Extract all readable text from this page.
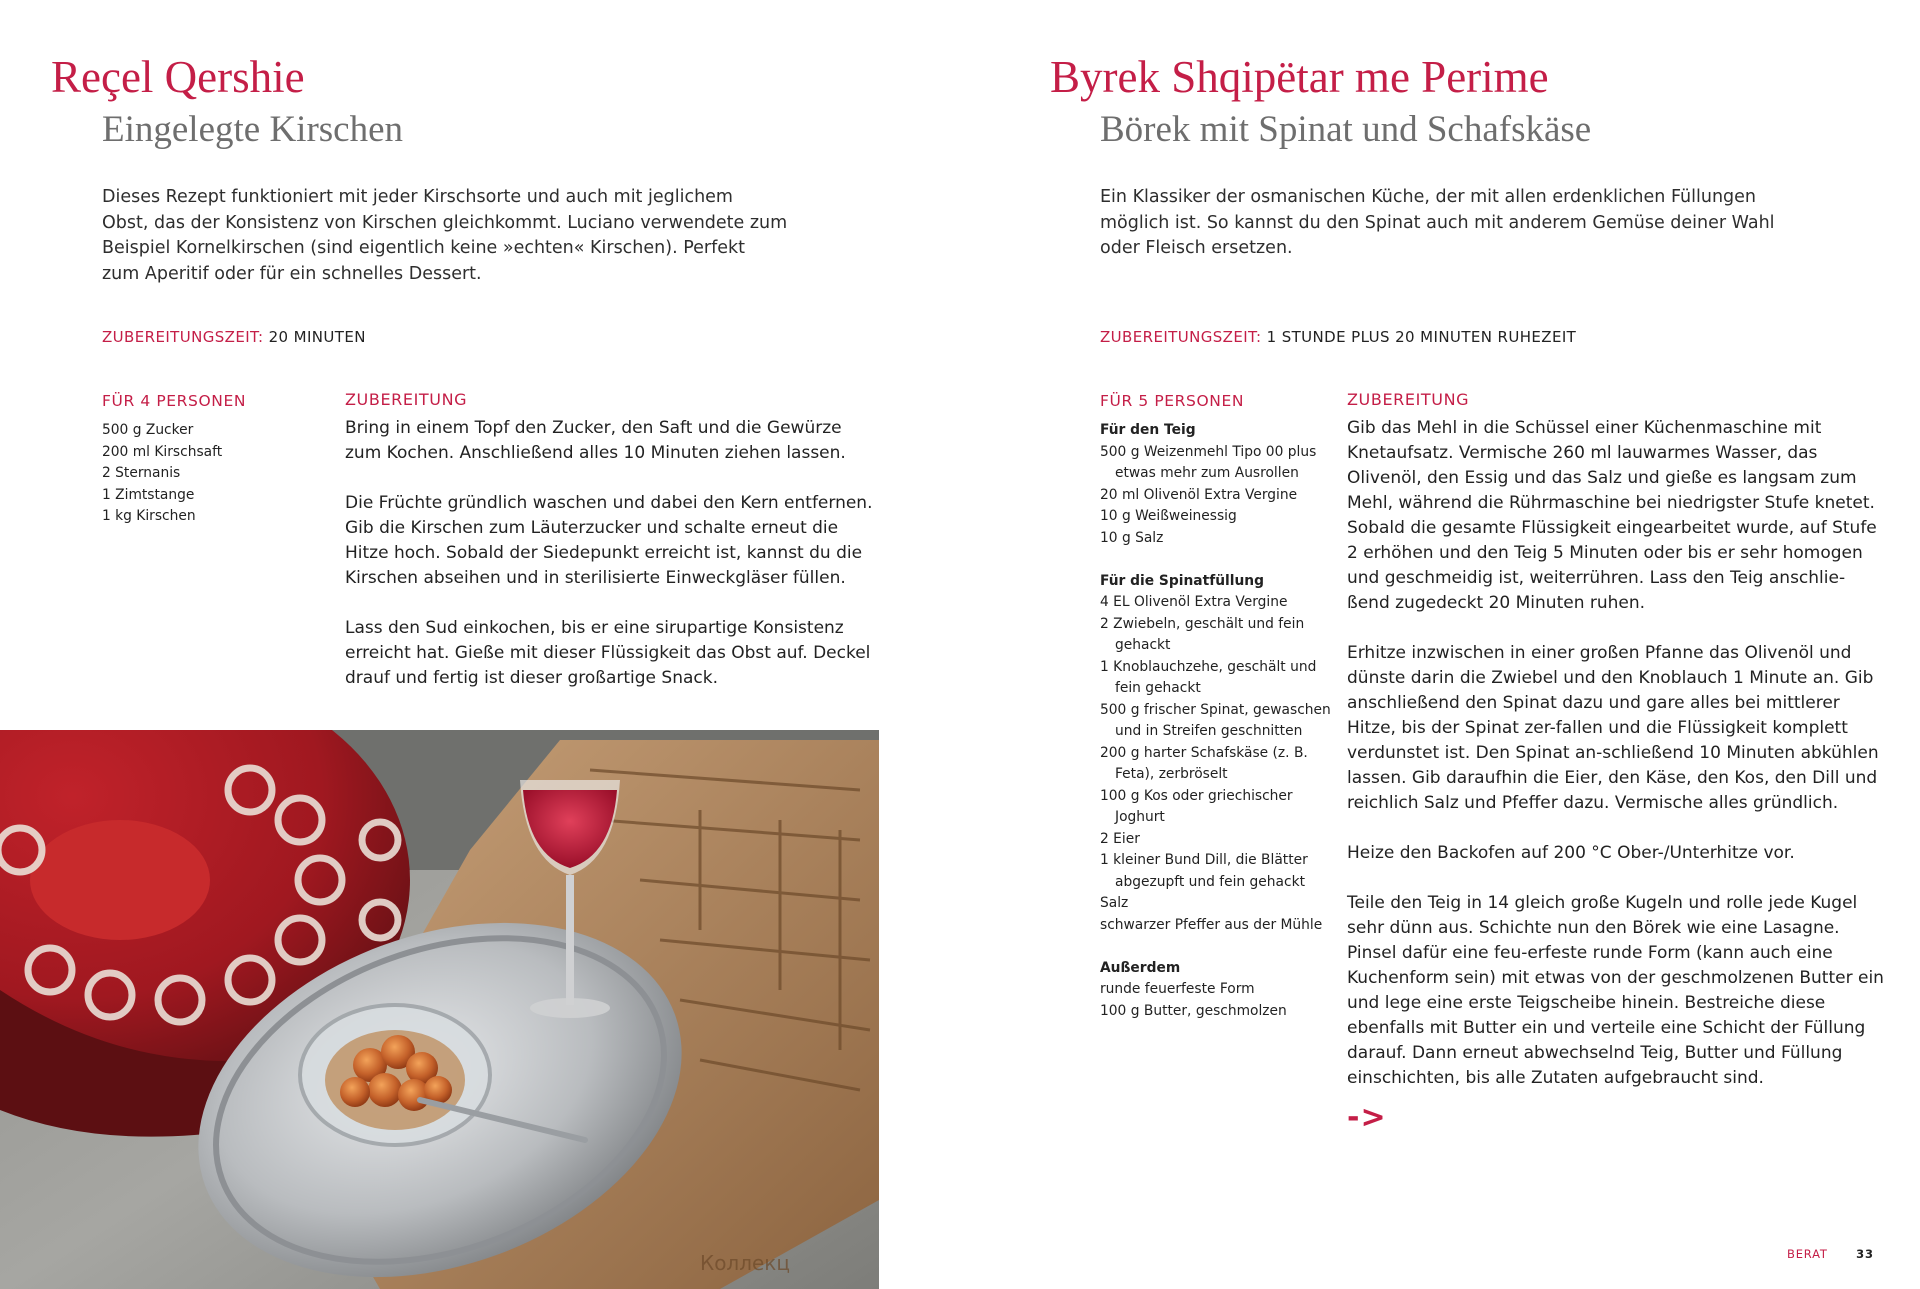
Reçel Qershie
Eingelegte Kirschen

Dieses Rezept funktioniert mit jeder Kirschsorte und auch mit jeglichem

Obst, das der Konsistenz von Kirschen gleichkommt. Luciano verwendete zum

Beispiel Kornelkirschen (sind eigentlich keine »echten« Kirschen). Perfekt

zum Aperitif oder für ein schnelles Dessert.

ZUBEREITUNGSZEIT: 20 MINUTEN
FÜR 4 PERSONEN
500 g Zucker
200 ml Kirschsaft
2 Sternanis
1 Zimtstange
1 kg Kirschen
ZUBEREITUNG

Bring in einem Topf den Zucker, den Saft und die Gewürze zum Kochen. Anschließend alles 10 Minuten ziehen lassen.

Die Früchte gründlich waschen und dabei den Kern entfernen. Gib die Kirschen zum Läuterzucker und schalte erneut die Hitze hoch. Sobald der Siedepunkt erreicht ist, kannst du die Kirschen abseihen und in sterilisierte Einweckgläser füllen.

Lass den Sud einkochen, bis er eine sirupartige Konsistenz erreicht hat. Gieße mit dieser Flüssigkeit das Obst auf. Deckel drauf und fertig ist dieser großartige Snack.

Коллекц
Byrek Shqipëtar me Perime
Börek mit Spinat und Schafskäse

Ein Klassiker der osmanischen Küche, der mit allen erdenklichen Füllungen

möglich ist. So kannst du den Spinat auch mit anderem Gemüse deiner Wahl

oder Fleisch ersetzen.

ZUBEREITUNGSZEIT: 1 STUNDE PLUS 20 MINUTEN RUHEZEIT
FÜR 5 PERSONEN
Für den Teig
500 g Weizenmehl Tipo 00 plus
etwas mehr zum Ausrollen
20 ml Olivenöl Extra Vergine
10 g Weißweinessig
10 g Salz
Für die Spinatfüllung
4 EL Olivenöl Extra Vergine
2 Zwiebeln, geschält und fein
gehackt
1 Knoblauchzehe, geschält und
fein gehackt
500 g frischer Spinat, gewaschen
und in Streifen geschnitten
200 g harter Schafskäse (z. B.
Feta), zerbröselt
100 g Kos oder griechischer
Joghurt
2 Eier
1 kleiner Bund Dill, die Blätter
abgezupft und fein gehackt
Salz
schwarzer Pfeffer aus der Mühle
Außerdem
runde feuerfeste Form
100 g Butter, geschmolzen
ZUBEREITUNG

Gib das Mehl in die Schüssel einer Küchenmaschine mit Knetaufsatz. Vermische 260 ml lauwarmes Wasser, das Olivenöl, den Essig und das Salz und gieße es langsam zum Mehl, während die Rührmaschine bei niedrigster Stufe knetet. Sobald die gesamte Flüssigkeit eingearbeitet wurde, auf Stufe 2 erhöhen und den Teig 5 Minuten oder bis er sehr homogen und geschmeidig ist, weiterrühren. Lass den Teig anschlie-ßend zugedeckt 20 Minuten ruhen.

Erhitze inzwischen in einer großen Pfanne das Olivenöl und dünste darin die Zwiebel und den Knoblauch 1 Minute an. Gib anschließend den Spinat dazu und gare alles bei mittlerer Hitze, bis der Spinat zer-fallen und die Flüssigkeit komplett verdunstet ist. Den Spinat an-schließend 10 Minuten abkühlen lassen. Gib daraufhin die Eier, den Käse, den Kos, den Dill und reichlich Salz und Pfeffer dazu. Vermische alles gründlich.

Heize den Backofen auf 200 °C Ober-/Unterhitze vor.

Teile den Teig in 14 gleich große Kugeln und rolle jede Kugel sehr dünn aus. Schichte nun den Börek wie eine Lasagne. Pinsel dafür eine feu-erfeste runde Form (kann auch eine Kuchenform sein) mit etwas von der geschmolzenen Butter ein und lege eine erste Teigscheibe hinein. Bestreiche diese ebenfalls mit Butter ein und verteile eine Schicht der Füllung darauf. Dann erneut abwechselnd Teig, Butter und Füllung einschichten, bis alle Zutaten aufgebraucht sind.

->
BERAT 33
